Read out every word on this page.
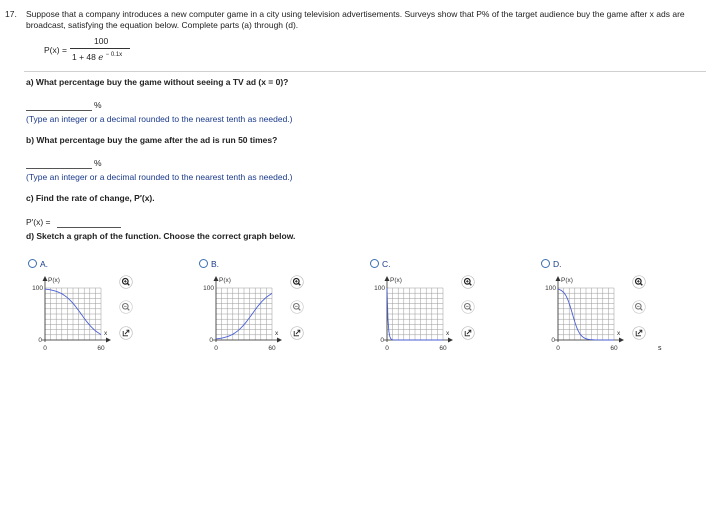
17. Suppose that a company introduces a new computer game in a city using television advertisements. Surveys show that P% of the target audience buy the game after x ads are broadcast, satisfying the equation below. Complete parts (a) through (d).
P(x) =
100
1 + 48 e $^{- 0.1x}$
a) What percentage buy the game without seeing a TV ad (x = 0)?
%
(Type an integer or a decimal rounded to the nearest tenth as needed.)
b) What percentage buy the game after the ad is run 50 times?
%
(Type an integer or a decimal rounded to the nearest tenth as needed.)
c) Find the rate of change, P′(x).
P′(x) =
d) Sketch a graph of the function. Choose the correct graph below.
A.
P(x)
100
0
0	60
x
B.
P(x)
100
0
0	60
x
C.
P(x)
100
0
0	60
x
D.
P(x)
100
0
0	60
x
s
